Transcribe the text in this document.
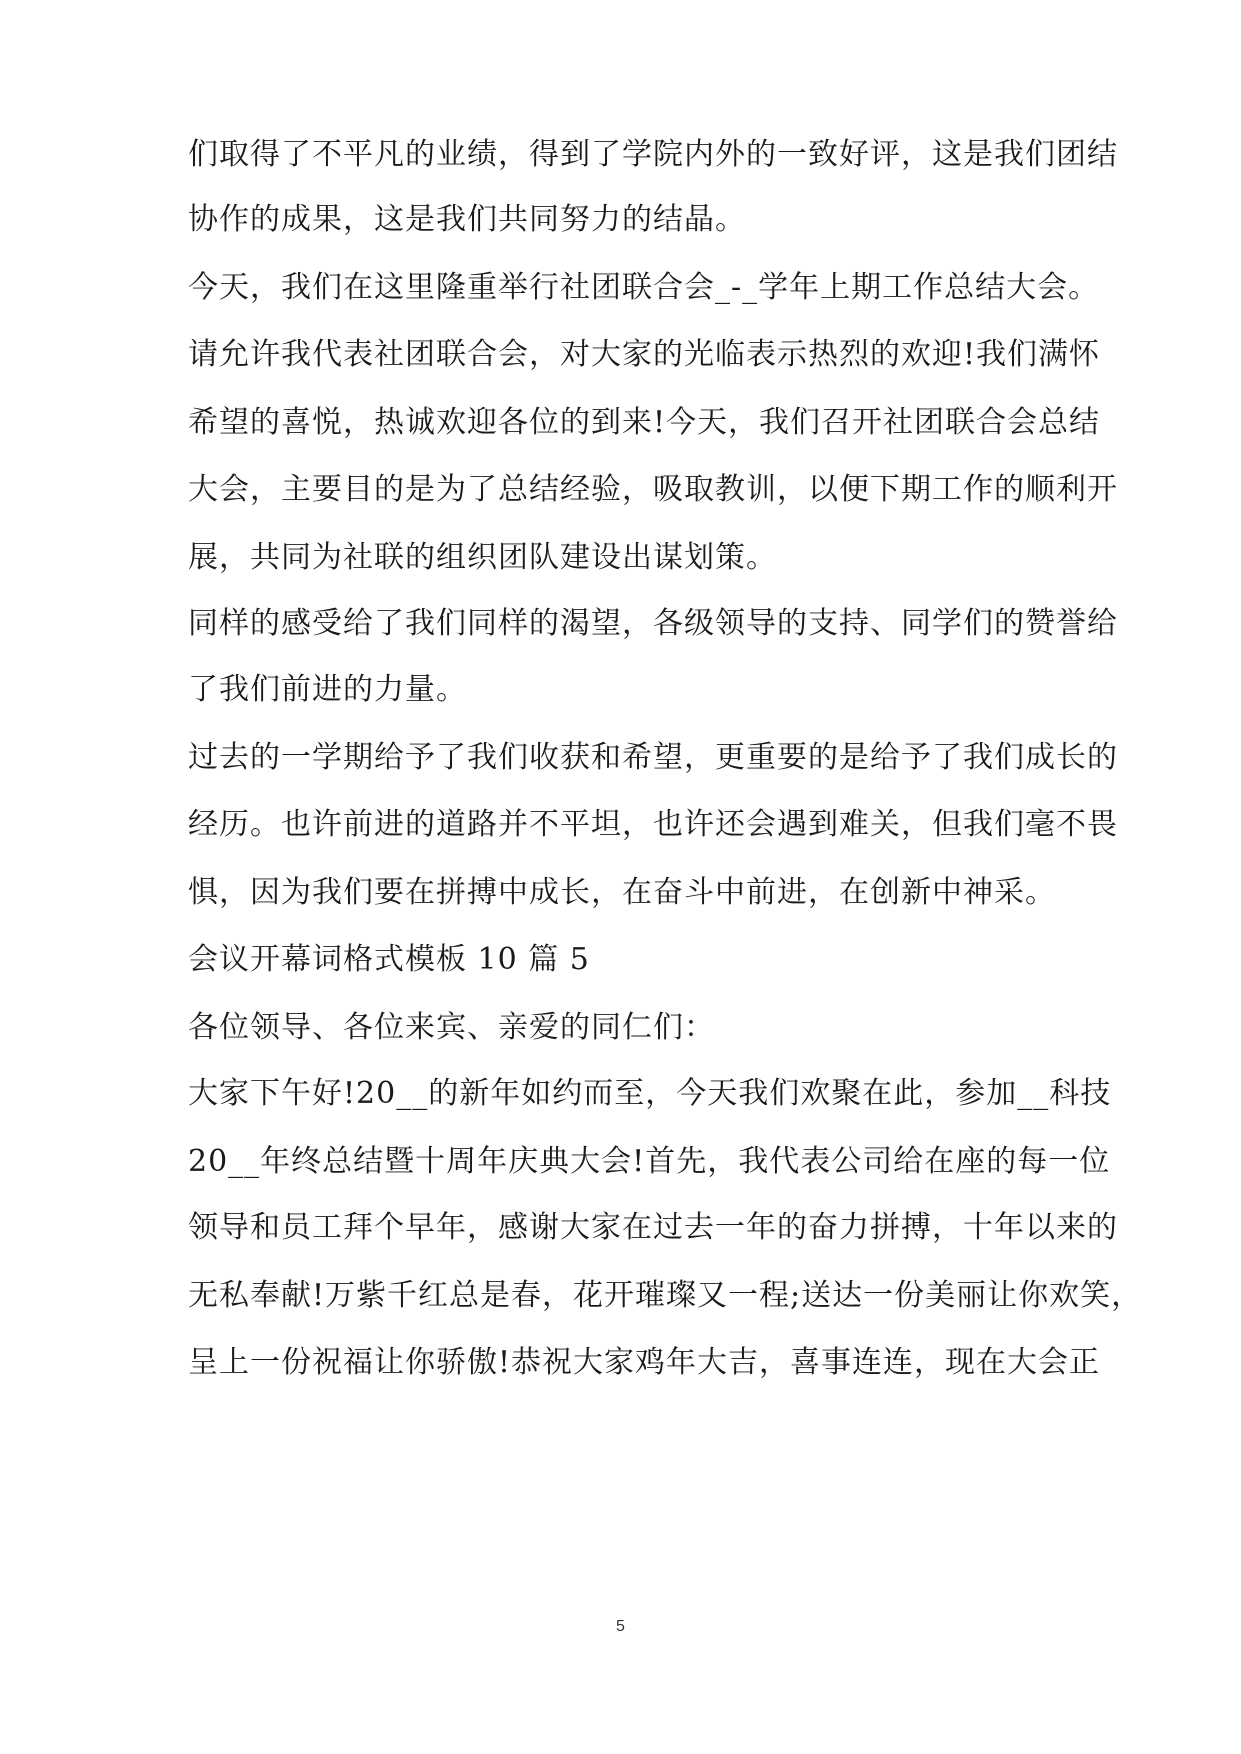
们取得了不平凡的业绩，得到了学院内外的一致好评，这是我们团结
协作的成果，这是我们共同努力的结晶。
今天，我们在这里隆重举行社团联合会_-_学年上期工作总结大会。
请允许我代表社团联合会，对大家的光临表示热烈的欢迎!我们满怀
希望的喜悦，热诚欢迎各位的到来!今天，我们召开社团联合会总结
大会，主要目的是为了总结经验，吸取教训，以便下期工作的顺利开
展，共同为社联的组织团队建设出谋划策。
同样的感受给了我们同样的渴望，各级领导的支持、同学们的赞誉给
了我们前进的力量。
过去的一学期给予了我们收获和希望，更重要的是给予了我们成长的
经历。也许前进的道路并不平坦，也许还会遇到难关，但我们毫不畏
惧，因为我们要在拼搏中成长，在奋斗中前进，在创新中神采。
会议开幕词格式模板 10 篇 5
各位领导、各位来宾、亲爱的同仁们：
大家下午好!20__的新年如约而至，今天我们欢聚在此，参加__科技
20__年终总结暨十周年庆典大会!首先，我代表公司给在座的每一位
领导和员工拜个早年，感谢大家在过去一年的奋力拼搏，十年以来的
无私奉献!万紫千红总是春，花开璀璨又一程;送达一份美丽让你欢笑，
呈上一份祝福让你骄傲!恭祝大家鸡年大吉，喜事连连，现在大会正
5
